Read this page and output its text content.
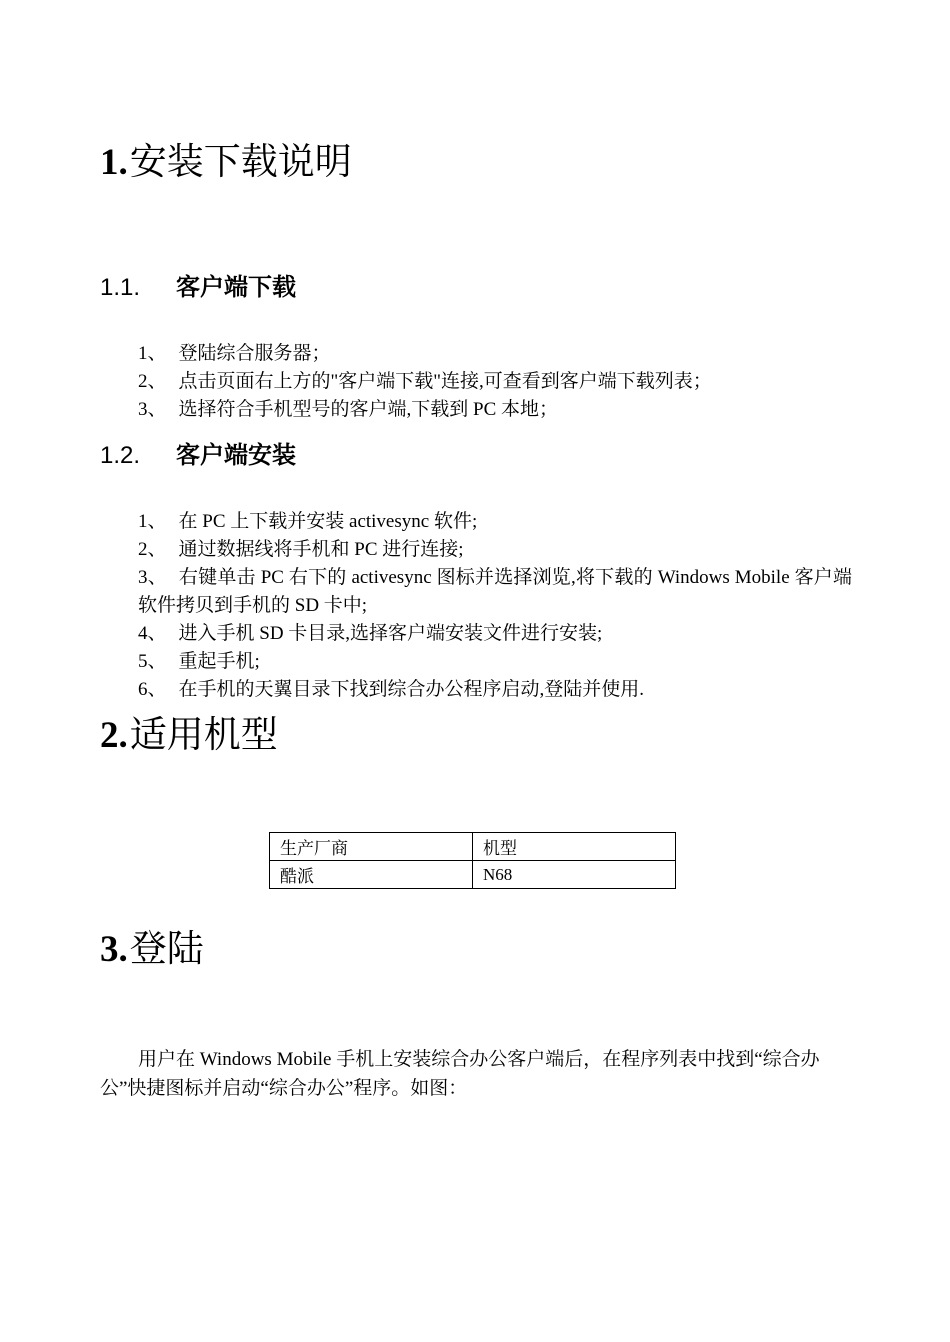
1.安装下载说明
1.1. 客户端下载

1、 登陆综合服务器；

2、 点击页面右上方的"客户端下载"连接,可查看到客户端下载列表；

3、 选择符合手机型号的客户端,下载到 PC 本地；

1.2. 客户端安装

1、 在 PC 上下载并安装 activesync 软件;

2、 通过数据线将手机和 PC 进行连接;

3、 右键单击 PC 右下的 activesync 图标并选择浏览,将下载的 Windows Mobile 客户端软件拷贝到手机的 SD 卡中;

4、 进入手机 SD 卡目录,选择客户端安装文件进行安装;

5、 重起手机;

6、 在手机的天翼目录下找到综合办公程序启动,登陆并使用.

2.适用机型
生产厂商	机型
酷派	N68
3.登陆

用户在 Windows Mobile 手机上安装综合办公客户端后，在程序列表中找到“综合办公”快捷图标并启动“综合办公”程序。如图：
